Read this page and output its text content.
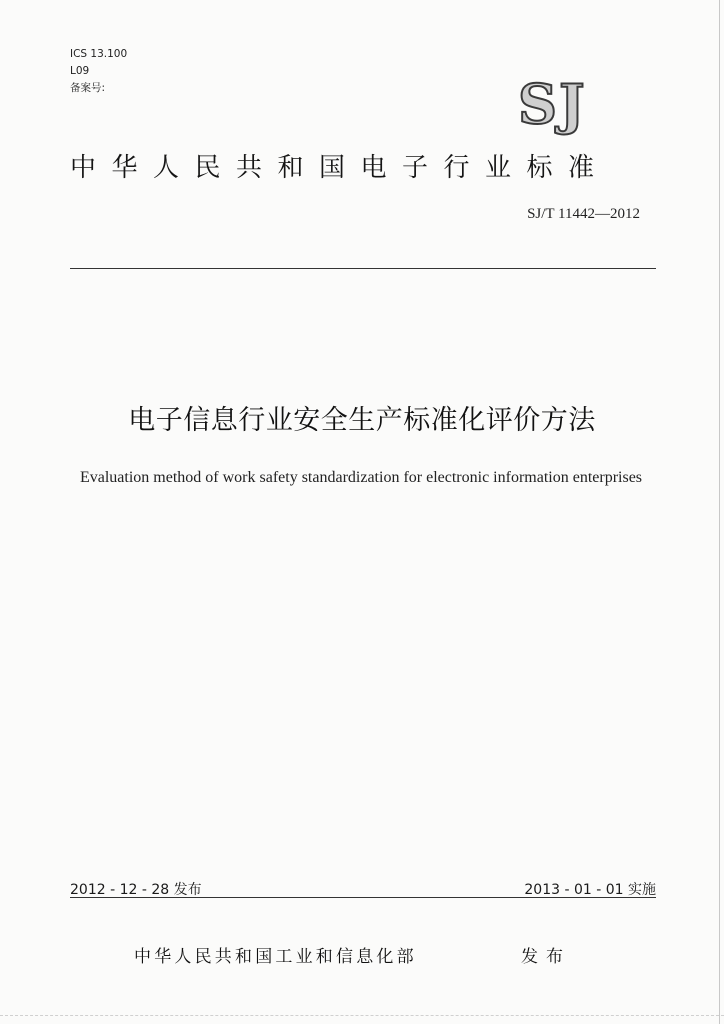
ICS 13.100
L09
备案号:	SJ
中华人民共和国电子行业标准
SJ/T 11442—2012
电子信息行业安全生产标准化评价方法
Evaluation method of work safety standardization for electronic information enterprises
2012 - 12 - 28 发布	2013 - 01 - 01 实施
中华人民共和国工业和信息化部	发布
